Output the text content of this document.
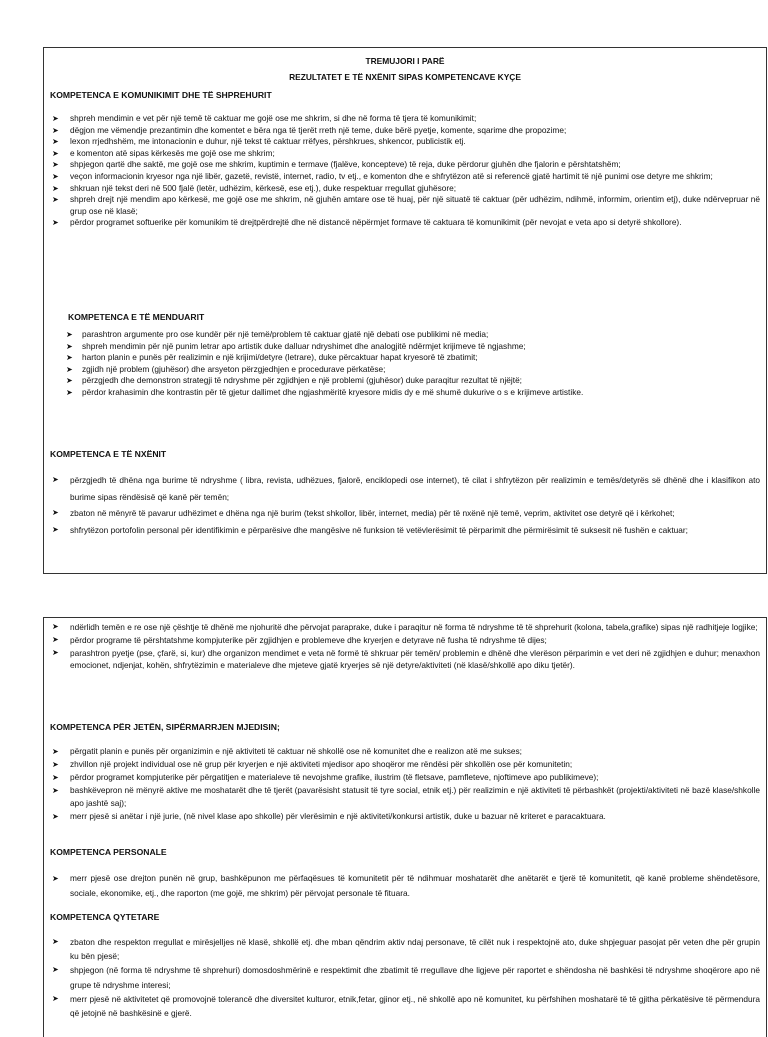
TREMUJORI I PARË
REZULTATET E TË NXËNIT SIPAS KOMPETENCAVE KYÇE
KOMPETENCA E KOMUNIKIMIT DHE TË SHPREHURIT
➤ shpreh mendimin e vet për një temë të caktuar me gojë ose me shkrim, si dhe në forma të tjera të komunikimit;
➤ dëgjon me vëmendje prezantimin dhe komentet e bëra nga të tjerët rreth një teme, duke bërë pyetje, komente, sqarime dhe propozime;
➤ lexon rrjedhshëm, me intonacionin e duhur, një tekst të caktuar rrëfyes, përshkrues, shkencor, publicistik etj.
➤ e komenton atë sipas kërkesës me gojë ose me shkrim;
➤ shpjegon qartë dhe saktë, me gojë ose me shkrim, kuptimin e termave (fjalëve, koncepteve) të reja, duke përdorur gjuhën dhe fjalorin e përshtatshëm;
➤ veçon informacionin kryesor nga një libër, gazetë, revistë, internet, radio, tv etj., e komenton dhe e shfrytëzon atë si referencë gjatë hartimit të një punimi ose detyre me shkrim;
➤ shkruan një tekst deri në 500 fjalë (letër, udhëzim, kërkesë, ese etj.), duke respektuar rregullat gjuhësore;
➤ shpreh drejt një mendim apo kërkesë, me gojë ose me shkrim, në gjuhën amtare ose të huaj, për një situatë të caktuar (për udhëzim, ndihmë, informim, orientim etj), duke ndërvepruar në grup ose në klasë;
➤ përdor programet softuerike për komunikim të drejtpërdrejtë dhe në distancë nëpërmjet formave të caktuara të komunikimit (për nevojat e veta apo si detyrë shkollore).
KOMPETENCA E TË MENDUARIT
➤ parashtron argumente pro ose kundër për një temë/problem të caktuar gjatë një debati ose publikimi në media;
➤ shpreh mendimin për një punim letrar apo artistik duke dalluar ndryshimet dhe analogjitë ndërmjet krijimeve të ngjashme;
➤ harton planin e punës për realizimin e një krijimi/detyre (letrare), duke përcaktuar hapat kryesorë të zbatimit;
➤ zgjidh një problem (gjuhësor) dhe arsyeton përzgjedhjen e procedurave përkatëse;
➤ përzgjedh dhe demonstron strategji të ndryshme për zgjidhjen e një problemi (gjuhësor) duke paraqitur rezultat të njëjtë;
➤ përdor krahasimin dhe kontrastin për të gjetur dallimet dhe ngjashmëritë kryesore midis dy e më shumë dukurive o s e krijimeve artistike.
KOMPETENCA E TË NXËNIT
➤ përzgjedh të dhëna nga burime të ndryshme ( libra, revista, udhëzues, fjalorë, enciklopedi ose internet), të cilat i shfrytëzon për realizimin e temës/detyrës së dhënë dhe i klasifikon ato burime sipas rëndësisë që kanë për temën;
➤ zbaton në mënyrë të pavarur udhëzimet e dhëna nga një burim (tekst shkollor, libër, internet, media) për të nxënë një temë, veprim, aktivitet ose detyrë që i kërkohet;
➤ shfrytëzon portofolin personal për identifikimin e përparësive dhe mangësive në funksion të vetëvlerësimit të përparimit dhe përmirësimit të suksesit në fushën e caktuar;
➤ ndërlidh temën e re ose një çështje të dhënë me njohuritë dhe përvojat paraprake, duke i paraqitur në forma të ndryshme të të shprehurit (kolona, tabela,grafike) sipas një radhitjeje logjike;
➤ përdor programe të përshtatshme kompjuterike për zgjidhjen e problemeve dhe kryerjen e detyrave në fusha të ndryshme të dijes;
➤ parashtron pyetje (pse, çfarë, si, kur) dhe organizon mendimet e veta në formë të shkruar për temën/ problemin e dhënë dhe vlerëson përparimin e vet deri në zgjidhjen e duhur; menaxhon emocionet, ndjenjat, kohën, shfrytëzimin e materialeve dhe mjeteve gjatë kryerjes së një detyre/aktiviteti (në klasë/shkollë apo diku tjetër).
KOMPETENCA PËR JETËN, SIPËRMARRJEN MJEDISIN;
➤ përgatit planin e punës për organizimin e një aktiviteti të caktuar në shkollë ose në komunitet dhe e realizon atë me sukses;
➤ zhvillon një projekt individual ose në grup për kryerjen e një aktiviteti mjedisor apo shoqëror me rëndësi për shkollën ose për komunitetin;
➤ përdor programet kompjuterike për përgatitjen e materialeve të nevojshme grafike, ilustrim (të fletsave, pamfleteve, njoftimeve apo publikimeve);
➤ bashkëvepron në mënyrë aktive me moshatarët dhe të tjerët (pavarësisht statusit të tyre social, etnik etj.) për realizimin e një aktiviteti të përbashkët (projekti/aktiviteti në bazë klase/shkolle apo jashtë saj);
➤ merr pjesë si anëtar i një jurie, (në nivel klase apo shkolle) për vlerësimin e një aktiviteti/konkursi artistik, duke u bazuar në kriteret e paracaktuara.
KOMPETENCA PERSONALE
➤ merr pjesë ose drejton punën në grup, bashkëpunon me përfaqësues të komunitetit për të ndihmuar moshatarët dhe anëtarët e tjerë të komunitetit, që kanë probleme shëndetësore, sociale, ekonomike, etj., dhe raporton (me gojë, me shkrim) për përvojat personale të fituara.
KOMPETENCA QYTETARE
➤ zbaton dhe respekton rregullat e mirësjelljes në klasë, shkollë etj. dhe mban qëndrim aktiv ndaj personave, të cilët nuk i respektojnë ato, duke shpjeguar pasojat për veten dhe për grupin ku bën pjesë;
➤ shpjegon (në forma të ndryshme të shprehuri) domosdoshmërinë e respektimit dhe zbatimit të rregullave dhe ligjeve për raportet e shëndosha në bashkësi të ndryshme shoqërore apo në grupe të ndryshme interesi;
➤ merr pjesë në aktivitetet që promovojnë tolerancë dhe diversitet kulturor, etnik,fetar, gjinor etj., në shkollë apo në komunitet, ku përfshihen moshatarë të të gjitha përkatësive të përmendura që jetojnë në bashkësinë e gjerë.
